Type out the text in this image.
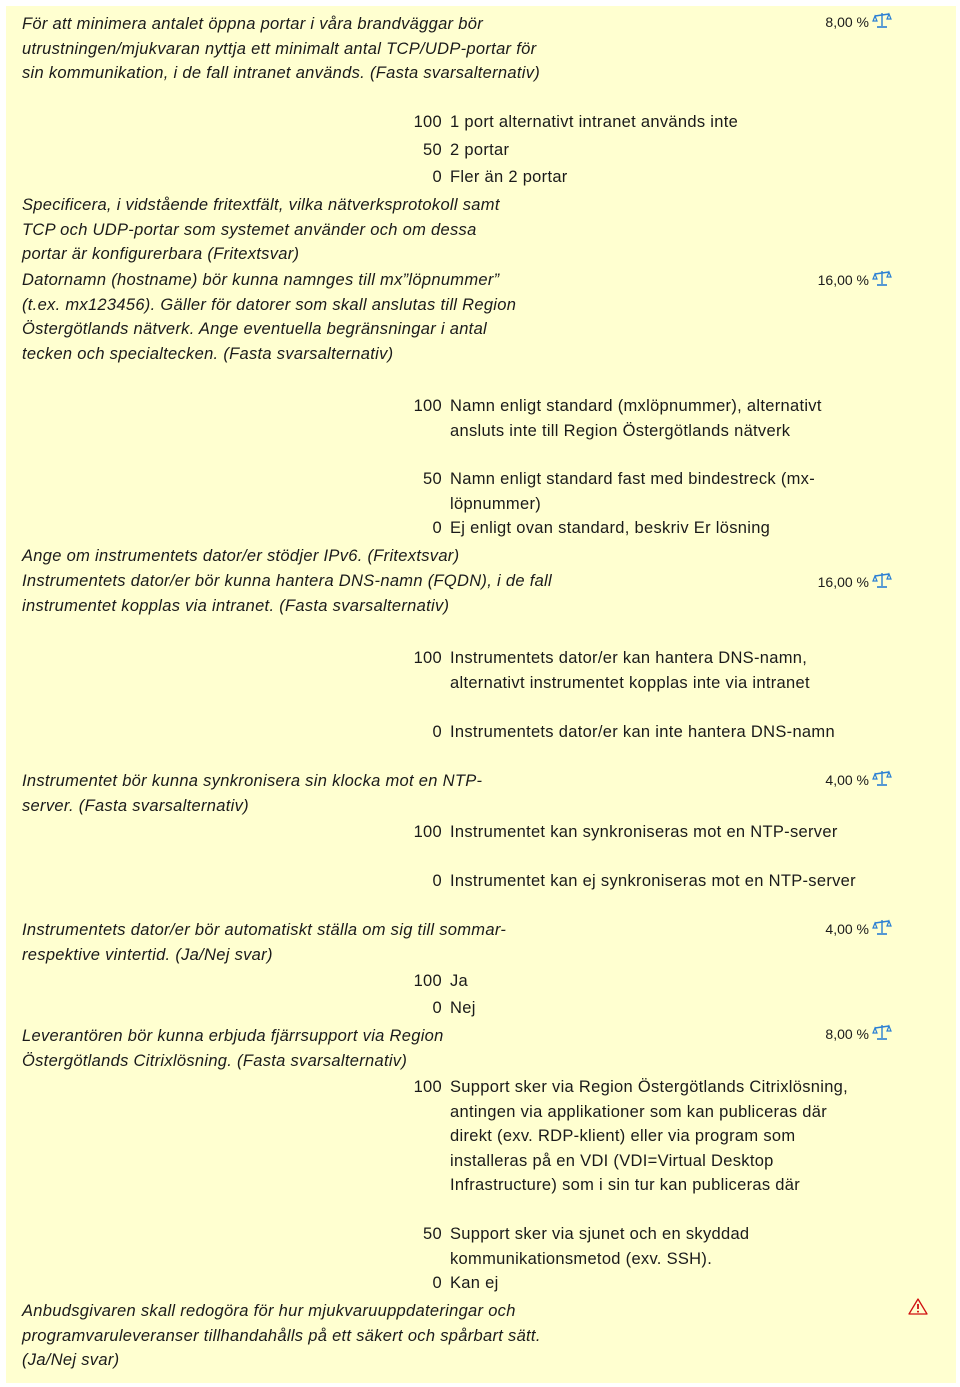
För att minimera antalet öppna portar i våra brandväggar bör utrustningen/mjukvaran nyttja ett minimalt antal TCP/UDP-portar för sin kommunikation, i de fall intranet används. (Fasta svarsalternativ)
8,00 %
100 1 port alternativt intranet används inte
50 2 portar
0 Fler än 2 portar
Specificera, i vidstående fritextfält, vilka nätverksprotokoll samt TCP och UDP-portar som systemet använder och om dessa portar är konfigurerbara (Fritextsvar)
Datornamn (hostname) bör kunna namnges till mx”löpnummer” (t.ex. mx123456). Gäller för datorer som skall anslutas till Region Östergötlands nätverk. Ange eventuella begränsningar i antal tecken och specialtecken. (Fasta svarsalternativ)
16,00 %
100 Namn enligt standard (mxlöpnummer), alternativt ansluts inte till Region Östergötlands nätverk
50 Namn enligt standard fast med bindestreck (mx-löpnummer)
0 Ej enligt ovan standard, beskriv Er lösning
Ange om instrumentets dator/er stödjer IPv6. (Fritextsvar)
Instrumentets dator/er bör kunna hantera DNS-namn (FQDN), i de fall instrumentet kopplas via intranet. (Fasta svarsalternativ)
16,00 %
100 Instrumentets dator/er kan hantera DNS-namn, alternativt instrumentet kopplas inte via intranet
0 Instrumentets dator/er kan inte hantera DNS-namn
Instrumentet bör kunna synkronisera sin klocka mot en NTP-server. (Fasta svarsalternativ)
4,00 %
100 Instrumentet kan synkroniseras mot en NTP-server
0 Instrumentet kan ej synkroniseras mot en NTP-server
Instrumentets dator/er bör automatiskt ställa om sig till sommar- respektive vintertid. (Ja/Nej svar)
4,00 %
100 Ja
0 Nej
Leverantören bör kunna erbjuda fjärrsupport via Region Östergötlands Citrixlösning. (Fasta svarsalternativ)
8,00 %
100 Support sker via Region Östergötlands Citrixlösning, antingen via applikationer som kan publiceras där direkt (exv. RDP-klient) eller via program som installeras på en VDI (VDI=Virtual Desktop Infrastructure) som i sin tur kan publiceras där
50 Support sker via sjunet och en skyddad kommunikationsmetod (exv. SSH).
0 Kan ej
Anbudsgivaren skall redogöra för hur mjukvaruuppdateringar och programvaruleveranser tillhandahålls på ett säkert och spårbart sätt. (Ja/Nej svar)
